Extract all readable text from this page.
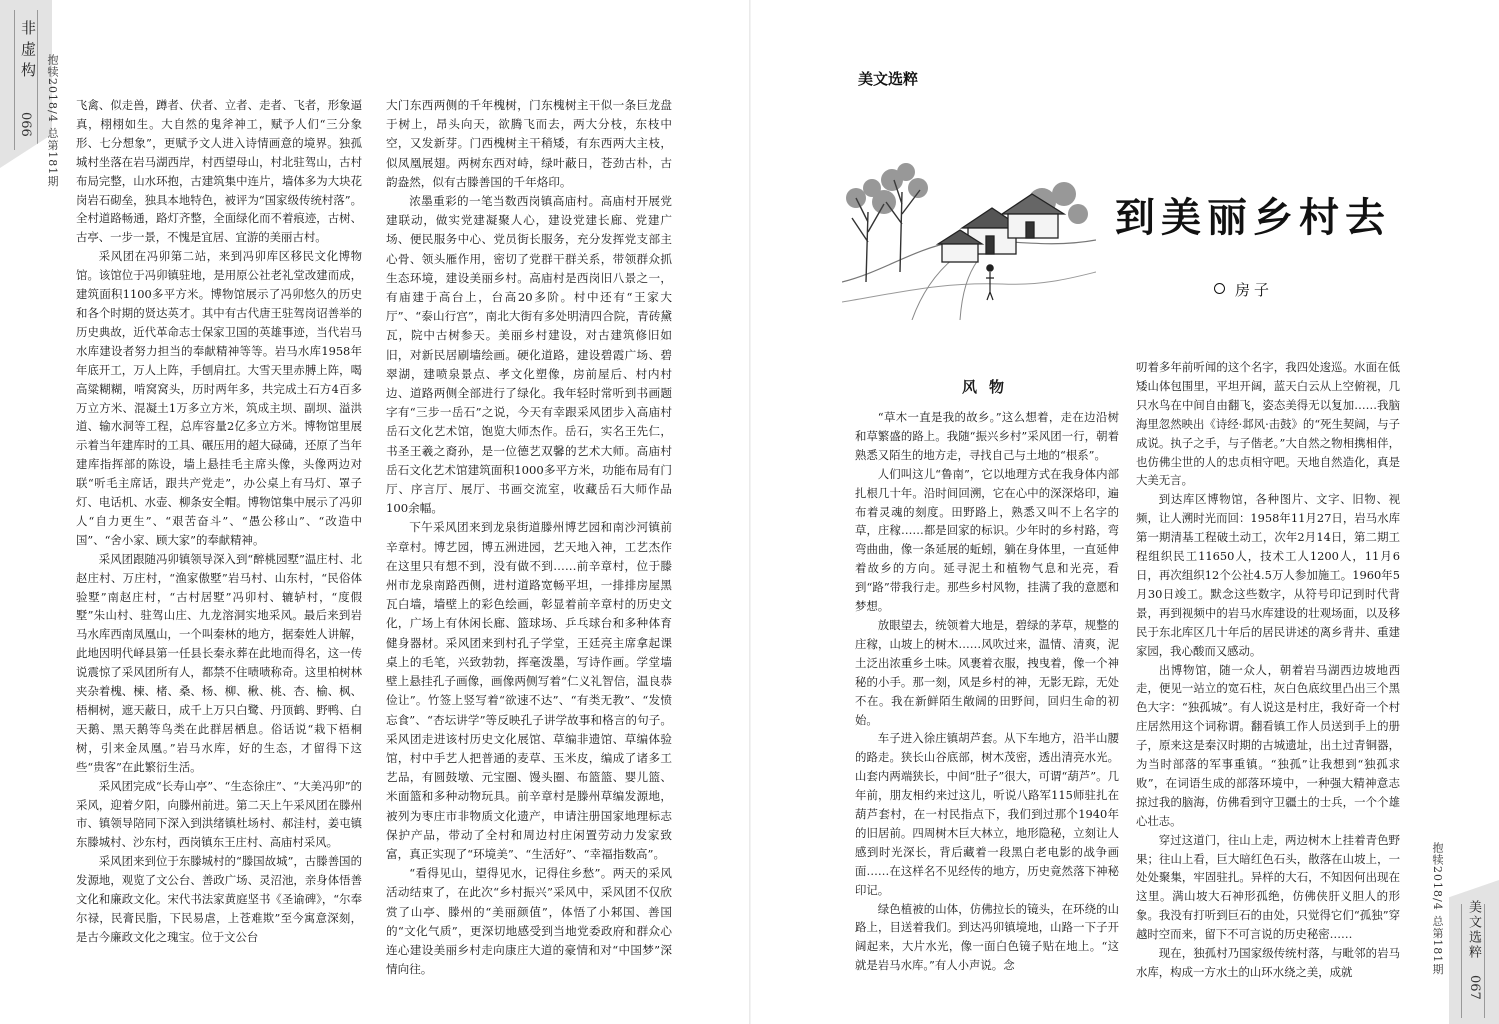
非虚构
066 抱犊2018/4 总第181期 飞禽、似走兽，蹲者、伏者、立者、走者、飞者，形象逼真，栩栩如生。大自然的鬼斧神工，赋予人们“三分象形、七分想象”，更赋予文人进入诗情画意的境界。独孤城村坐落在岩马湖西岸，村西望母山，村北驻驾山，古村布局完整，山水环抱，古建筑集中连片，墙体多为大块花岗岩石砌垒，独具本地特色，被评为“国家级传统村落”。全村道路畅通，路灯齐整，全面绿化而不着痕迹，古树、古亭、一步一景，不愧是宜居、宜游的美丽古村。

采风团在冯卯第二站，来到冯卯库区移民文化博物馆。该馆位于冯卯镇驻地，是用原公社老礼堂改建而成，建筑面积1100多平方米。博物馆展示了冯卯悠久的历史和各个时期的贤达英才。其中有古代唐王驻驾岗诏善举的历史典故，近代革命志士保家卫国的英雄事迹，当代岩马水库建设者努力担当的奉献精神等等。岩马水库1958年年底开工，万人上阵，手刨肩扛。大雪天里赤膊上阵，喝高粱糊糊，啃窝窝头，历时两年多，共完成土石方4百多万立方米、混凝土1万多立方米，筑成主坝、副坝、溢洪道、输水洞等工程，总库容量2亿多立方米。博物馆里展示着当年建库时的工具、碾压用的超大碌碡，还原了当年建库指挥部的陈设，墙上悬挂毛主席头像，头像两边对联“听毛主席话，跟共产党走”，办公桌上有马灯、罩子灯、电话机、水壶、柳条安全帽。博物馆集中展示了冯卯人“自力更生”、“艰苦奋斗”、“愚公移山”、“改造中国”、“舍小家、顾大家”的奉献精神。

采风团跟随冯卯镇领导深入到“醉桃园墅”温庄村、北赵庄村、万庄村，“渔家傲墅”岩马村、山东村，“民俗体验墅”南赵庄村，“古村居墅”冯卯村、辘轳村，“度假墅”朱山村、驻驾山庄、九龙溶洞实地采风。最后来到岩马水库西南凤凰山，一个叫秦林的地方，据秦姓人讲解，此地因明代峄县第一任县长秦永葬在此地而得名，这一传说震惊了采风团所有人，都禁不住啧啧称奇。这里柏树林夹杂着槐、楝、楮、桑、杨、柳、楸、桃、杏、榆、枫、梧桐树，遮天蔽日，成千上万只白鹭、丹顶鹤、野鸭、白天鹅、黑天鹅等鸟类在此群居栖息。俗话说“栽下梧桐树，引来金凤凰。”岩马水库，好的生态，才留得下这些“贵客”在此繁衍生活。

采风团完成“长寿山亭”、“生态徐庄”、“大美冯卯”的采风，迎着夕阳，向滕州前进。第二天上午采风团在滕州市、镇领导陪同下深入到洪绪镇杜场村、郝洼村，姜屯镇东滕城村、沙东村，西岗镇东王庄村、高庙村采风。

采风团来到位于东滕城村的“滕国故城”，古滕善国的发源地，观览了文公台、善政广场、灵沼池，亲身体悟善文化和廉政文化。宋代书法家黄庭坚书《圣谕碑》，“尔奉尔禄，民膏民脂，下民易虐，上苍难欺”至今寓意深刻，是古今廉政文化之瑰宝。位于文公台

大门东西两侧的千年槐树，门东槐树主干似一条巨龙盘于树上，昂头向天，欲腾飞而去，两大分枝，东枝中空，又发新芽。门西槐树主干稍矮，有东西两大主枝，似凤凰展翅。两树东西对峙，绿叶蔽日，苍劲古朴，古韵盎然，似有古滕善国的千年烙印。

浓墨重彩的一笔当数西岗镇高庙村。高庙村开展党建联动，做实党建凝聚人心，建设党建长廊、党建广场、便民服务中心、党员街长服务，充分发挥党支部主心骨、领头雁作用，密切了党群干群关系，带领群众抓生态环境，建设美丽乡村。高庙村是西岗旧八景之一，有庙建于高台上，台高20多阶。村中还有“王家大厅”、“泰山行宫”，南北大街有多处明清四合院，青砖黛瓦，院中古树参天。美丽乡村建设，对古建筑修旧如旧，对新民居刷墙绘画。硬化道路，建设碧霞广场、碧翠湖，建喷泉景点、孝文化塑像，房前屋后、村内村边、道路两侧全部进行了绿化。我年轻时常听到书画题字有“三步一岳石”之说，今天有幸跟采风团步入高庙村岳石文化艺术馆，饱览大师杰作。岳石，实名王先仁，书圣王羲之裔孙，是一位德艺双馨的艺术大师。高庙村岳石文化艺术馆建筑面积1000多平方米，功能布局有门厅、序言厅、展厅、书画交流室，收藏岳石大师作品100余幅。

下午采风团来到龙泉街道滕州博艺园和南沙河镇前辛章村。博艺园，博五洲进园，艺天地入神，工艺杰作在这里只有想不到，没有做不到……前辛章村，位于滕州市龙泉南路西侧，进村道路宽畅平坦，一排排房屋黑瓦白墙，墙壁上的彩色绘画，彰显着前辛章村的历史文化，广场上有休闲长廊、篮球场、乒乓球台和多种体育健身器材。采风团来到村孔子学堂，王廷亮主席拿起课桌上的毛笔，兴致勃勃，挥毫泼墨，写诗作画。学堂墙壁上悬挂孔子画像，画像两侧写着“仁义礼智信，温良恭俭让”。竹签上竖写着“欲速不达”、“有类无教”、“发愤忘食”、“杏坛讲学”等反映孔子讲学故事和格言的句子。采风团走进该村历史文化展馆、草编非遗馆、草编体验馆，村中手艺人把普通的麦草、玉米皮，编成了诸多工艺品，有圆鼓墩、元宝圈、馒头圈、布篮篮、婴儿篮、米面篮和多种动物玩具。前辛章村是滕州草编发源地，被列为枣庄市非物质文化遗产，申请注册国家地理标志保护产品，带动了全村和周边村庄闲置劳动力发家致富，真正实现了“环境美”、“生活好”、“幸福指数高”。

“看得见山，望得见水，记得住乡愁”。两天的采风活动结束了，在此次“乡村振兴”采风中，采风团不仅欣赏了山亭、滕州的“美丽颜值”，体悟了小邾国、善国的“文化气质”，更深切地感受到当地党委政府和群众心连心建设美丽乡村走向康庄大道的豪情和对“中国梦”深情向往。

美文选粹
到美丽乡村去
房子
风物

“草木一直是我的故乡。”这么想着，走在边沿树和草繁盛的路上。我随“振兴乡村”采风团一行，朝着熟悉又陌生的地方走，寻找自己与土地的“根系”。

人们叫这儿“鲁南”，它以地理方式在我身体内部扎根几十年。沿时间回溯，它在心中的深深烙印，遍布着灵魂的刻度。田野路上，熟悉又叫不上名字的草，庄稼……都是回家的标识。少年时的乡村路，弯弯曲曲，像一条延展的蚯蚓，躺在身体里，一直延伸着故乡的方向。延寻泥土和植物气息和光亮，看到“路”带我行走。那些乡村风物，挂满了我的意愿和梦想。

放眼望去，统领着大地是，碧绿的茅草，规整的庄稼，山坡上的树木……风吹过来，温情、清爽，泥土泛出浓重乡土味。风裹着衣服，拽曳着，像一个神秘的小手。那一刻，风是乡村的神，无影无踪，无处不在。我在新鲜陌生敞阔的田野间，回归生命的初始。

车子进入徐庄镇胡芦套。从下车地方，沿半山腰的路走。狭长山谷底部，树木茂密，透出清亮水光。山套内两端狭长，中间“肚子”很大，可谓“葫芦”。几年前，朋友相约来过这儿，听说八路军115师驻扎在葫芦套村，在一村民指点下，我们到过那个1940年的旧居前。四周树木巨大林立，地形隐秘，立刻让人感到时光深长，背后藏着一段黑白老电影的战争画面……在这样名不见经传的地方，历史竟然落下神秘印记。

绿色植被的山体，仿佛拉长的镜头，在环绕的山路上，目送着我们。到达冯卯镇境地，山路一下子开阔起来，大片水光，像一面白色镜子贴在地上。“这就是岩马水库。”有人小声说。念

叨着多年前听闻的这个名字，我四处逡巡。水面在低矮山体包围里，平坦开阔，蓝天白云从上空俯视，几只水鸟在中间自由翻飞，姿态美得无以复加……我脑海里忽然映出《诗经·邶风·击鼓》的“死生契阔，与子成说。执子之手，与子偕老。”大自然之物相携相伴，也仿佛尘世的人的忠贞相守吧。天地自然造化，真是大美无言。

到达库区博物馆，各种图片、文字、旧物、视频，让人溯时光而回：1958年11月27日，岩马水库第一期清基工程破土动工，次年2月14日，第二期工程组织民工11650人，技术工人1200人，11月6日，再次组织12个公社4.5万人参加施工。1960年5月30日竣工。默念这些数字，从符号印记到时代背景，再到视频中的岩马水库建设的壮观场面，以及移民于东北库区几十年后的居民讲述的离乡背井、重建家园，我心酸而又感动。

出博物馆，随一众人，朝着岩马湖西边坡地西走，便见一站立的宽石柱，灰白色底纹里凸出三个黑色大字：“独孤城”。有人说这是村庄，我好奇一个村庄居然用这个词称谓。翻看镇工作人员送到手上的册子，原来这是秦汉时期的古城遗址，出土过青铜器，为当时部落的军事重镇。“独孤”让我想到“独孤求败”，在词语生成的部落环境中，一种强大精神意志掠过我的脑海，仿佛看到守卫疆土的士兵，一个个雄心壮志。

穿过这道门，往山上走，两边树木上挂着青色野果；往山上看，巨大暗红色石头，散落在山坡上，一处处聚集，牢固驻扎。异样的大石，不知因何出现在这里。满山坡大石神形孤绝，仿佛侠肝义胆人的形象。我没有打听到巨石的由处，只觉得它们“孤独”穿越时空而来，留下不可言说的历史秘密……

现在，独孤村乃国家级传统村落，与毗邻的岩马水库，构成一方水土的山环水绕之美，成就	抱犊2018/4 总第181期 美文选粹
067
